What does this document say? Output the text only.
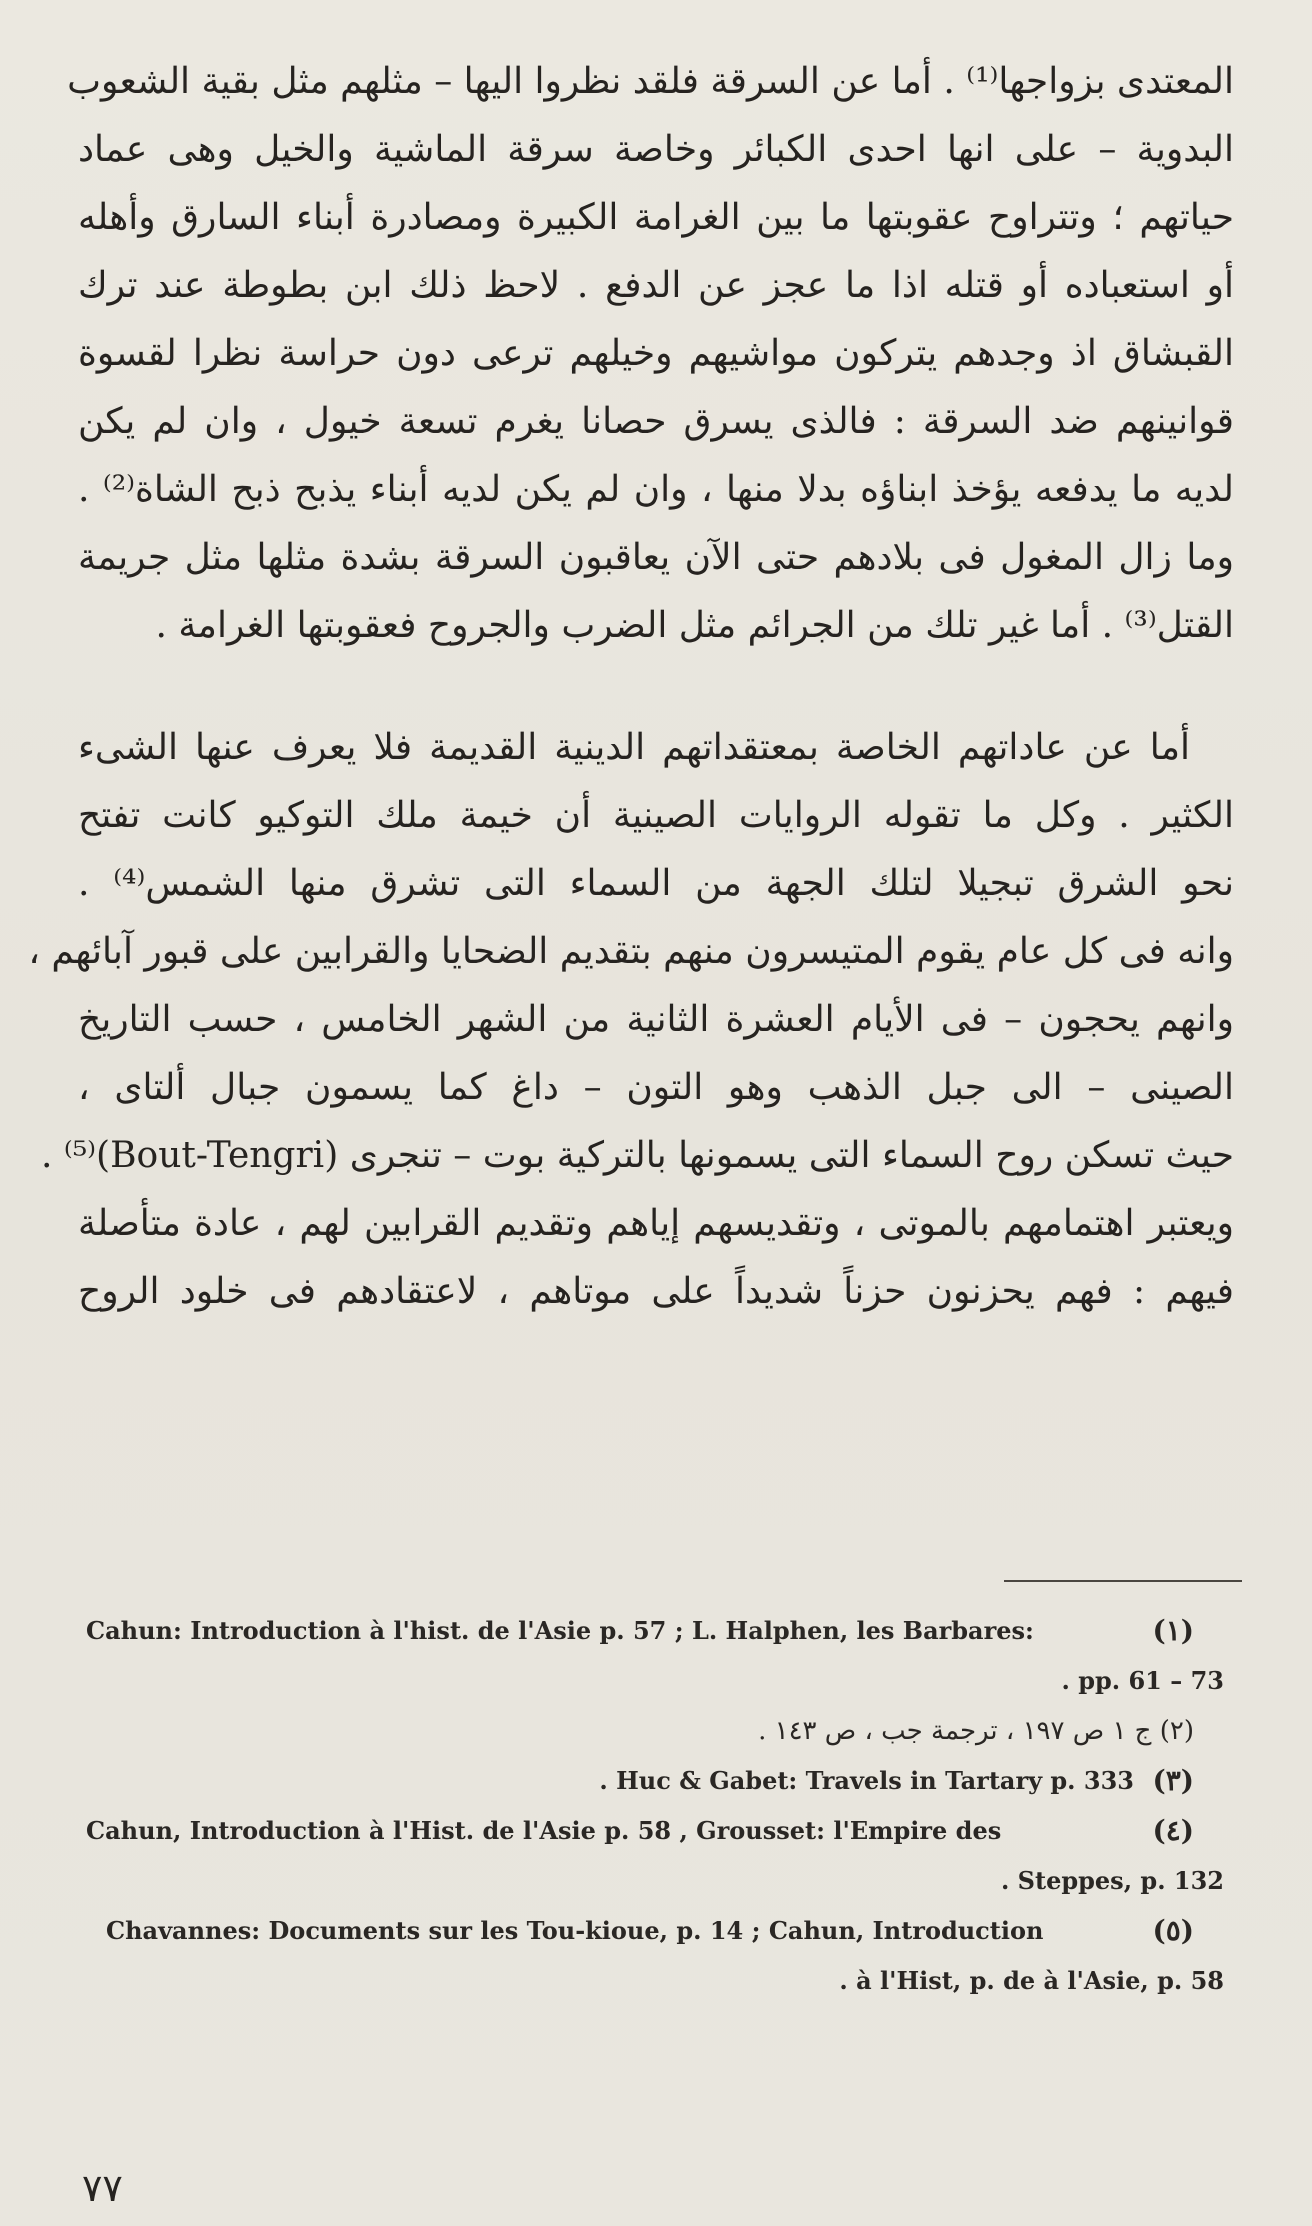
المعتدى بزواجها⁽¹⁾ . أما عن السرقة فلقد نظروا اليها – مثلهم مثل بقية الشعوب
البدوية – على انها احدى الكبائر وخاصة سرقة الماشية والخيل وهى عماد
حياتهم ؛ وتتراوح عقوبتها ما بين الغرامة الكبيرة ومصادرة أبناء السارق وأهله
أو استعباده أو قتله اذا ما عجز عن الدفع . لاحظ ذلك ابن بطوطة عند ترك
القبشاق اذ وجدهم يتركون مواشيهم وخيلهم ترعى دون حراسة نظرا لقسوة
قوانينهم ضد السرقة : فالذى يسرق حصانا يغرم تسعة خيول ، وان لم يكن
لديه ما يدفعه يؤخذ ابناؤه بدلا منها ، وان لم يكن لديه أبناء يذبح ذبح الشاة⁽²⁾ .
وما زال المغول فى بلادهم حتى الآن يعاقبون السرقة بشدة مثلها مثل جريمة
القتل⁽³⁾ . أما غير تلك من الجرائم مثل الضرب والجروح فعقوبتها الغرامة .
أما عن عاداتهم الخاصة بمعتقداتهم الدينية القديمة فلا يعرف عنها الشىء
الكثير . وكل ما تقوله الروايات الصينية أن خيمة ملك التوكيو كانت تفتح
نحو الشرق تبجيلا لتلك الجهة من السماء التى تشرق منها الشمس⁽⁴⁾ .
وانه فى كل عام يقوم المتيسرون منهم بتقديم الضحايا والقرابين على قبور آبائهم ،
وانهم يحجون – فى الأيام العشرة الثانية من الشهر الخامس ، حسب التاريخ
الصينى – الى جبل الذهب وهو التون – داغ كما يسمون جبال ألتاى ،
حيث تسكن روح السماء التى يسمونها بالتركية بوت – تنجرى (Bout-Tengri)⁽⁵⁾ .
ويعتبر اهتمامهم بالموتى ، وتقديسهم إياهم وتقديم القرابين لهم ، عادة متأصلة
فيهم : فهم يحزنون حزناً شديداً على موتاهم ، لاعتقادهم فى خلود الروح
(١)
Cahun: Introduction à l'hist. de l'Asie p. 57 ; L. Halphen, les Barbares:
. pp. 61 – 73
(٢) ج ١ ص ١٩٧ ، ترجمة جب ، ص ١٤٣ .
(٣)
. Huc & Gabet: Travels in Tartary p. 333
(٤)
Cahun, Introduction à l'Hist. de l'Asie p. 58 , Grousset: l'Empire des
. Steppes, p. 132
(٥)
Chavannes: Documents sur les Tou-kioue, p. 14 ; Cahun, Introduction
. à l'Hist, p. de à l'Asie, p. 58
٧٧
